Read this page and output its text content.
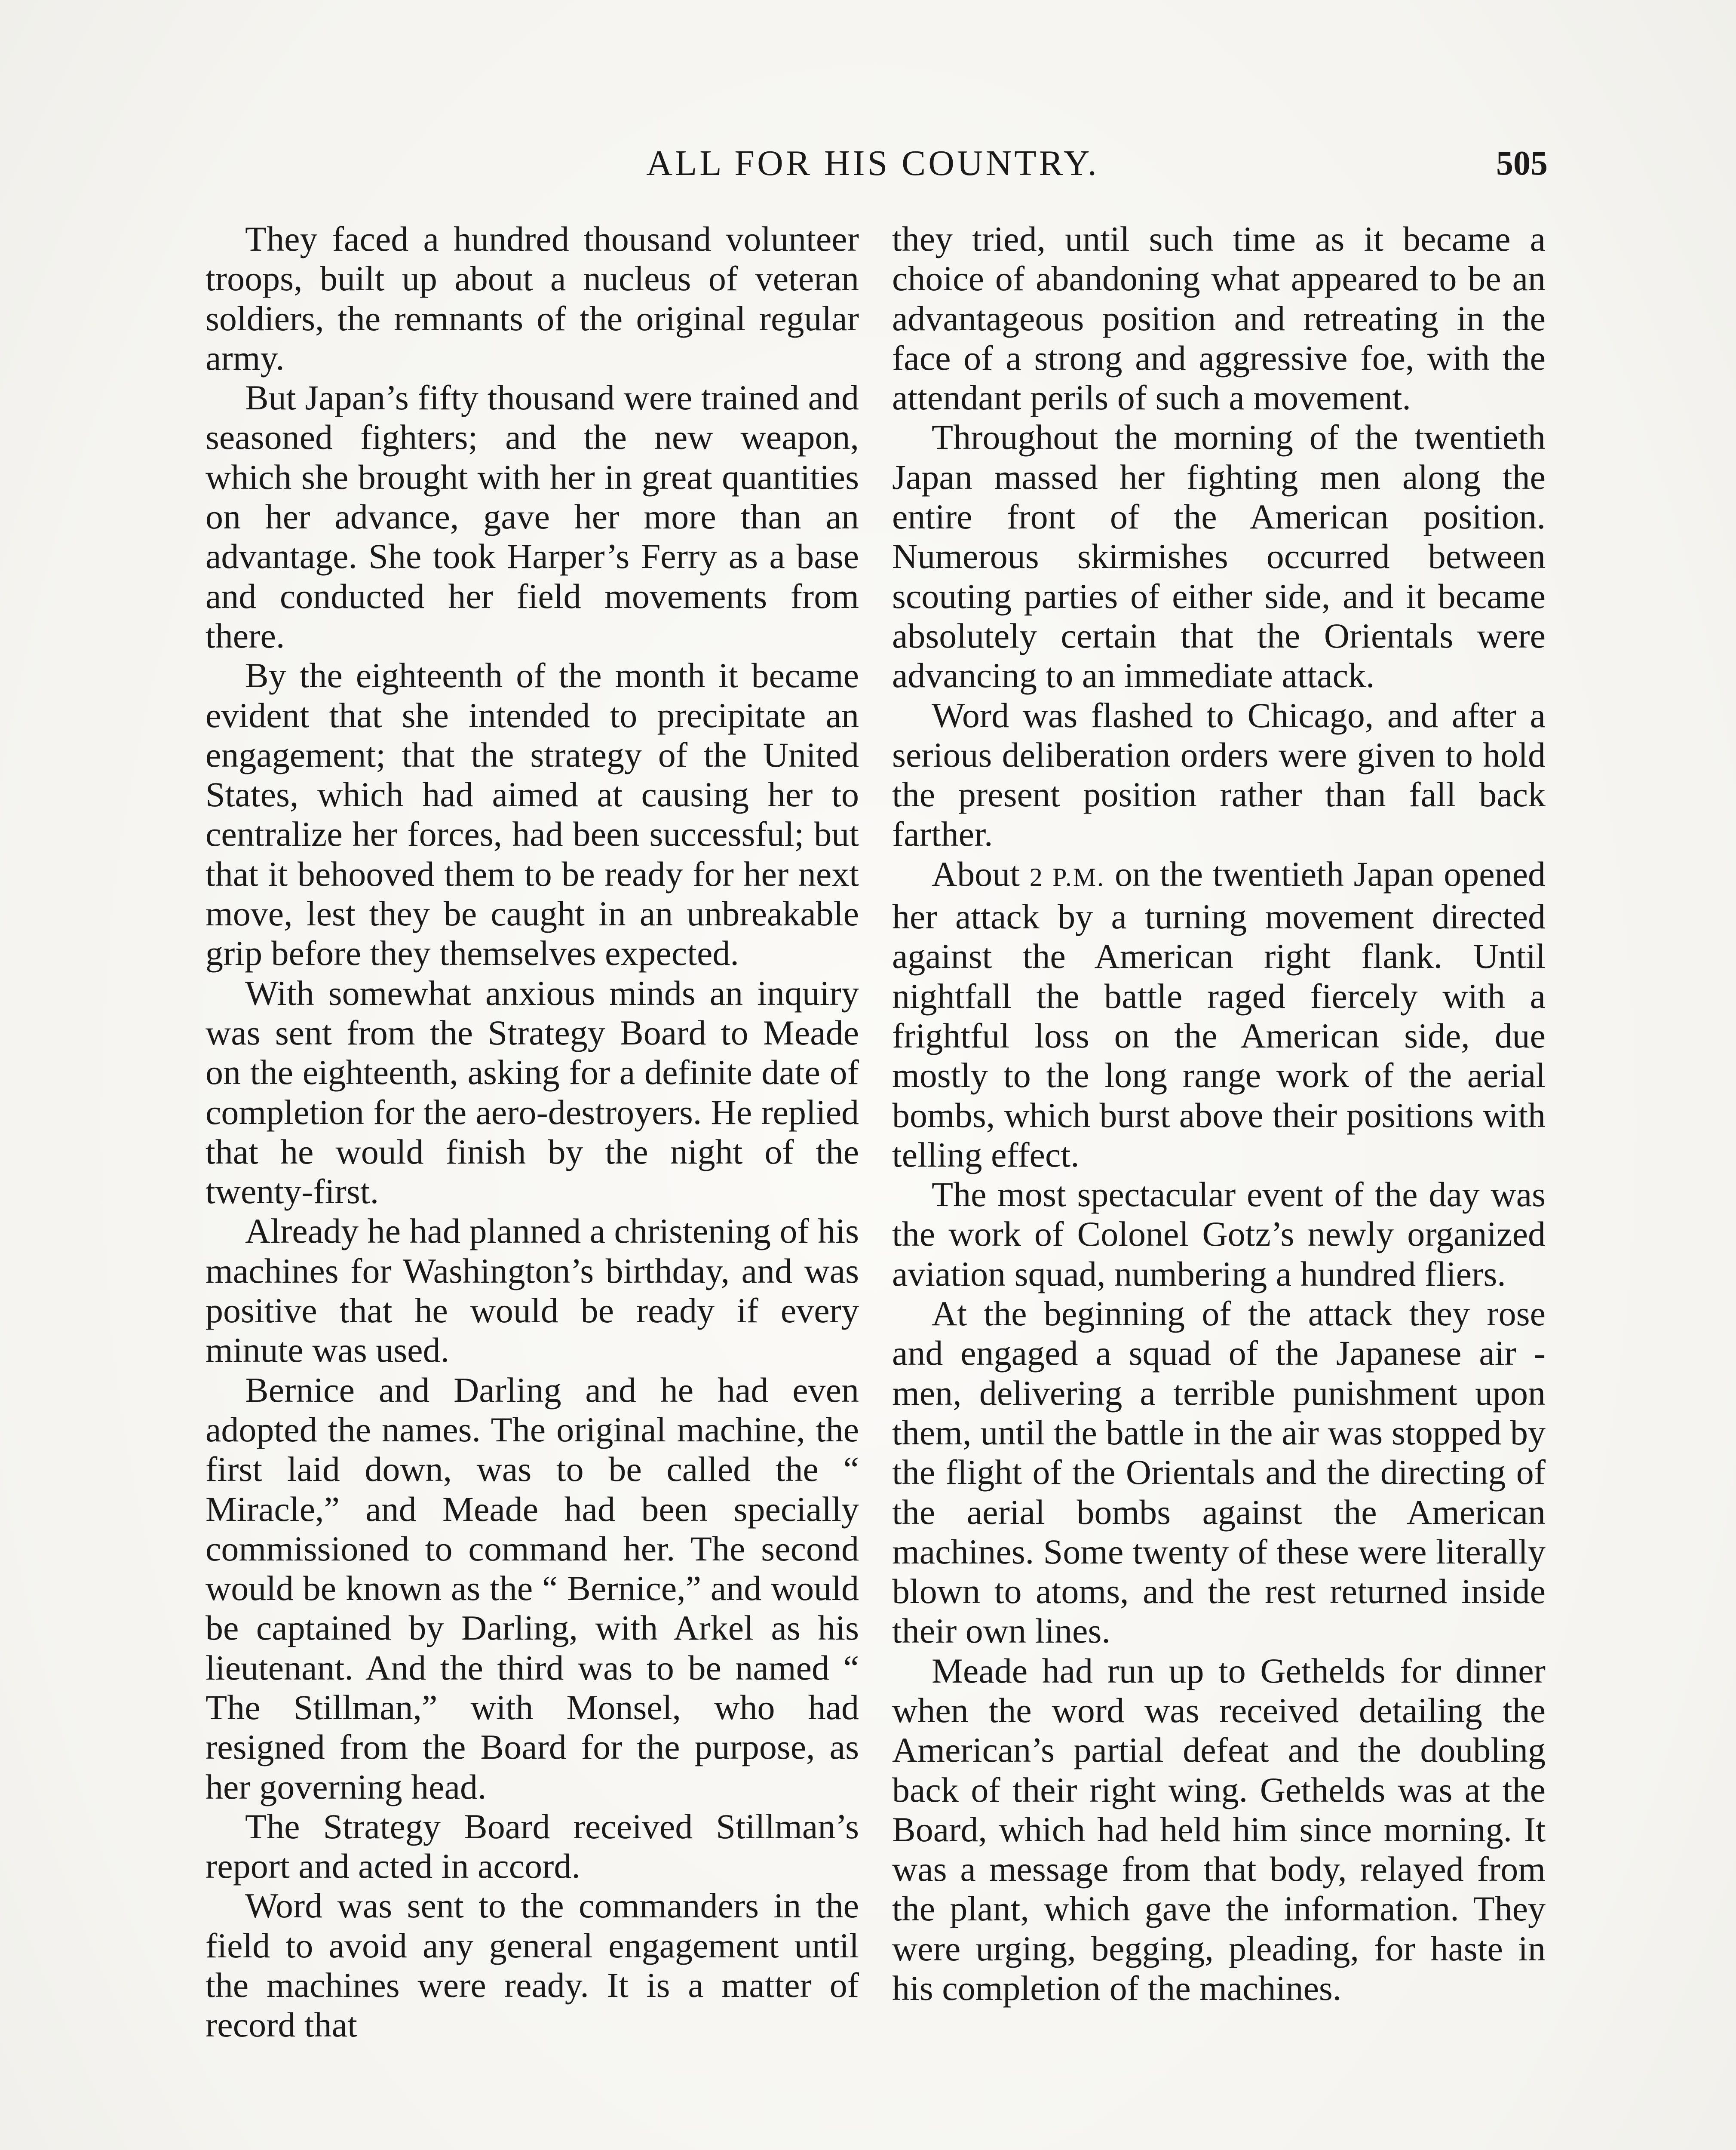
ALL FOR HIS COUNTRY.	505

They faced a hundred thousand volunteer troops, built up about a nucleus of veteran soldiers, the remnants of the original regular army.

But Japan’s fifty thousand were trained and seasoned fighters; and the new weapon, which she brought with her in great quantities on her advance, gave her more than an advantage. She took Harper’s Ferry as a base and conducted her field movements from there.

By the eighteenth of the month it became evident that she intended to precipitate an engagement; that the strategy of the United States, which had aimed at causing her to centralize her forces, had been successful; but that it behooved them to be ready for her next move, lest they be caught in an unbreakable grip before they themselves expected.

With somewhat anxious minds an inquiry was sent from the Strategy Board to Meade on the eighteenth, asking for a definite date of completion for the aero-destroyers. He replied that he would finish by the night of the twenty-first.

Already he had planned a christening of his machines for Washington’s birthday, and was positive that he would be ready if every minute was used.

Bernice and Darling and he had even adopted the names. The original machine, the first laid down, was to be called the “ Miracle,” and Meade had been specially commissioned to command her. The second would be known as the “ Bernice,” and would be captained by Darling, with Arkel as his lieutenant. And the third was to be named “ The Stillman,” with Monsel, who had resigned from the Board for the purpose, as her governing head.

The Strategy Board received Stillman’s report and acted in accord.

Word was sent to the commanders in the field to avoid any general engagement until the machines were ready. It is a matter of record that

they tried, until such time as it became a choice of abandoning what appeared to be an advantageous position and retreating in the face of a strong and aggressive foe, with the attendant perils of such a movement.

Throughout the morning of the twentieth Japan massed her fighting men along the entire front of the American position. Numerous skirmishes occurred between scouting parties of either side, and it became absolutely certain that the Orientals were advancing to an immediate attack.

Word was flashed to Chicago, and after a serious deliberation orders were given to hold the present position rather than fall back farther.

About 2 P.M. on the twentieth Japan opened her attack by a turning movement directed against the American right flank. Until nightfall the battle raged fiercely with a frightful loss on the American side, due mostly to the long range work of the aerial bombs, which burst above their positions with telling effect.

The most spectacular event of the day was the work of Colonel Gotz’s newly organized aviation squad, numbering a hundred fliers.

At the beginning of the attack they rose and engaged a squad of the Japanese air - men, delivering a terrible punishment upon them, until the battle in the air was stopped by the flight of the Orientals and the directing of the aerial bombs against the American machines. Some twenty of these were literally blown to atoms, and the rest returned inside their own lines.

Meade had run up to Gethelds for dinner when the word was received detailing the American’s partial defeat and the doubling back of their right wing. Gethelds was at the Board, which had held him since morning. It was a message from that body, relayed from the plant, which gave the information. They were urging, begging, pleading, for haste in his completion of the machines.
